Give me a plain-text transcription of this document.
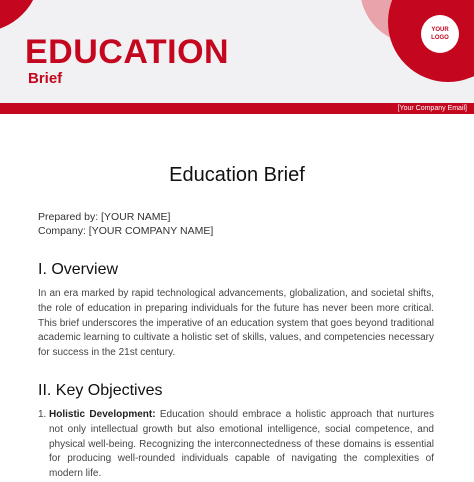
YOUR
LOGO
EDUCATION
Brief
[Your Company Email]
Education Brief
Prepared by: [YOUR NAME]
Company: [YOUR COMPANY NAME]
I. Overview

In an era marked by rapid technological advancements, globalization, and societal shifts, the role of education in preparing individuals for the future has never been more critical. This brief underscores the imperative of an education system that goes beyond traditional academic learning to cultivate a holistic set of skills, values, and competencies necessary for success in the 21st century.

II. Key Objectives
1. Holistic Development: Education should embrace a holistic approach that nurtures not only intellectual growth but also emotional intelligence, social competence, and physical well-being. Recognizing the interconnectedness of these domains is essential for producing well-rounded individuals capable of navigating the complexities of modern life.
